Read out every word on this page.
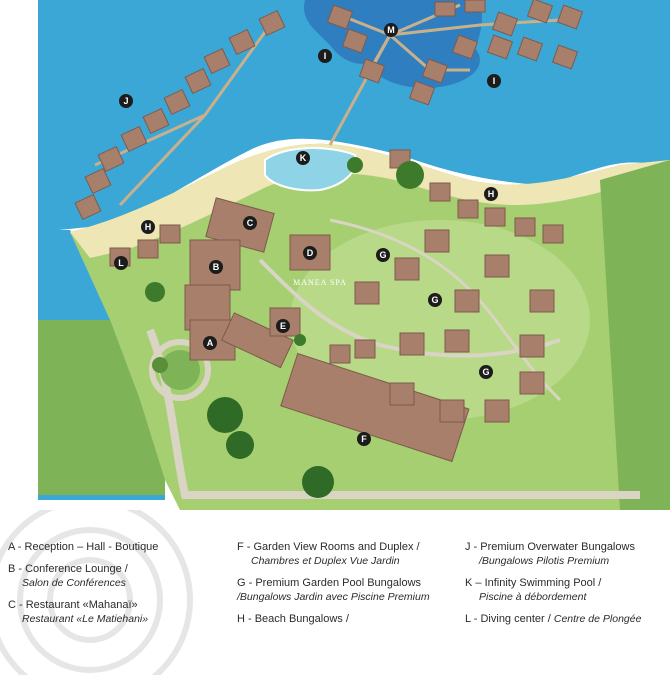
MANEA SPA
M
I
I
J
K
H
H	C
B
D
L
G
G
G
E
A
F
A - Reception – Hall - Boutique
B - Conference Lounge /
Salon de Conférences
C - Restaurant «Mahanaï»
Restaurant «Le Matiehani»
F - Garden View Rooms and Duplex /
Chambres et Duplex Vue Jardin
G - Premium Garden Pool Bungalows
/Bungalows Jardin avec Piscine Premium
H - Beach Bungalows /
J - Premium Overwater Bungalows
/Bungalows Pilotis Premium
K – Infinity Swimming Pool /
Piscine à débordement
L - Diving center / Centre de Plongée
